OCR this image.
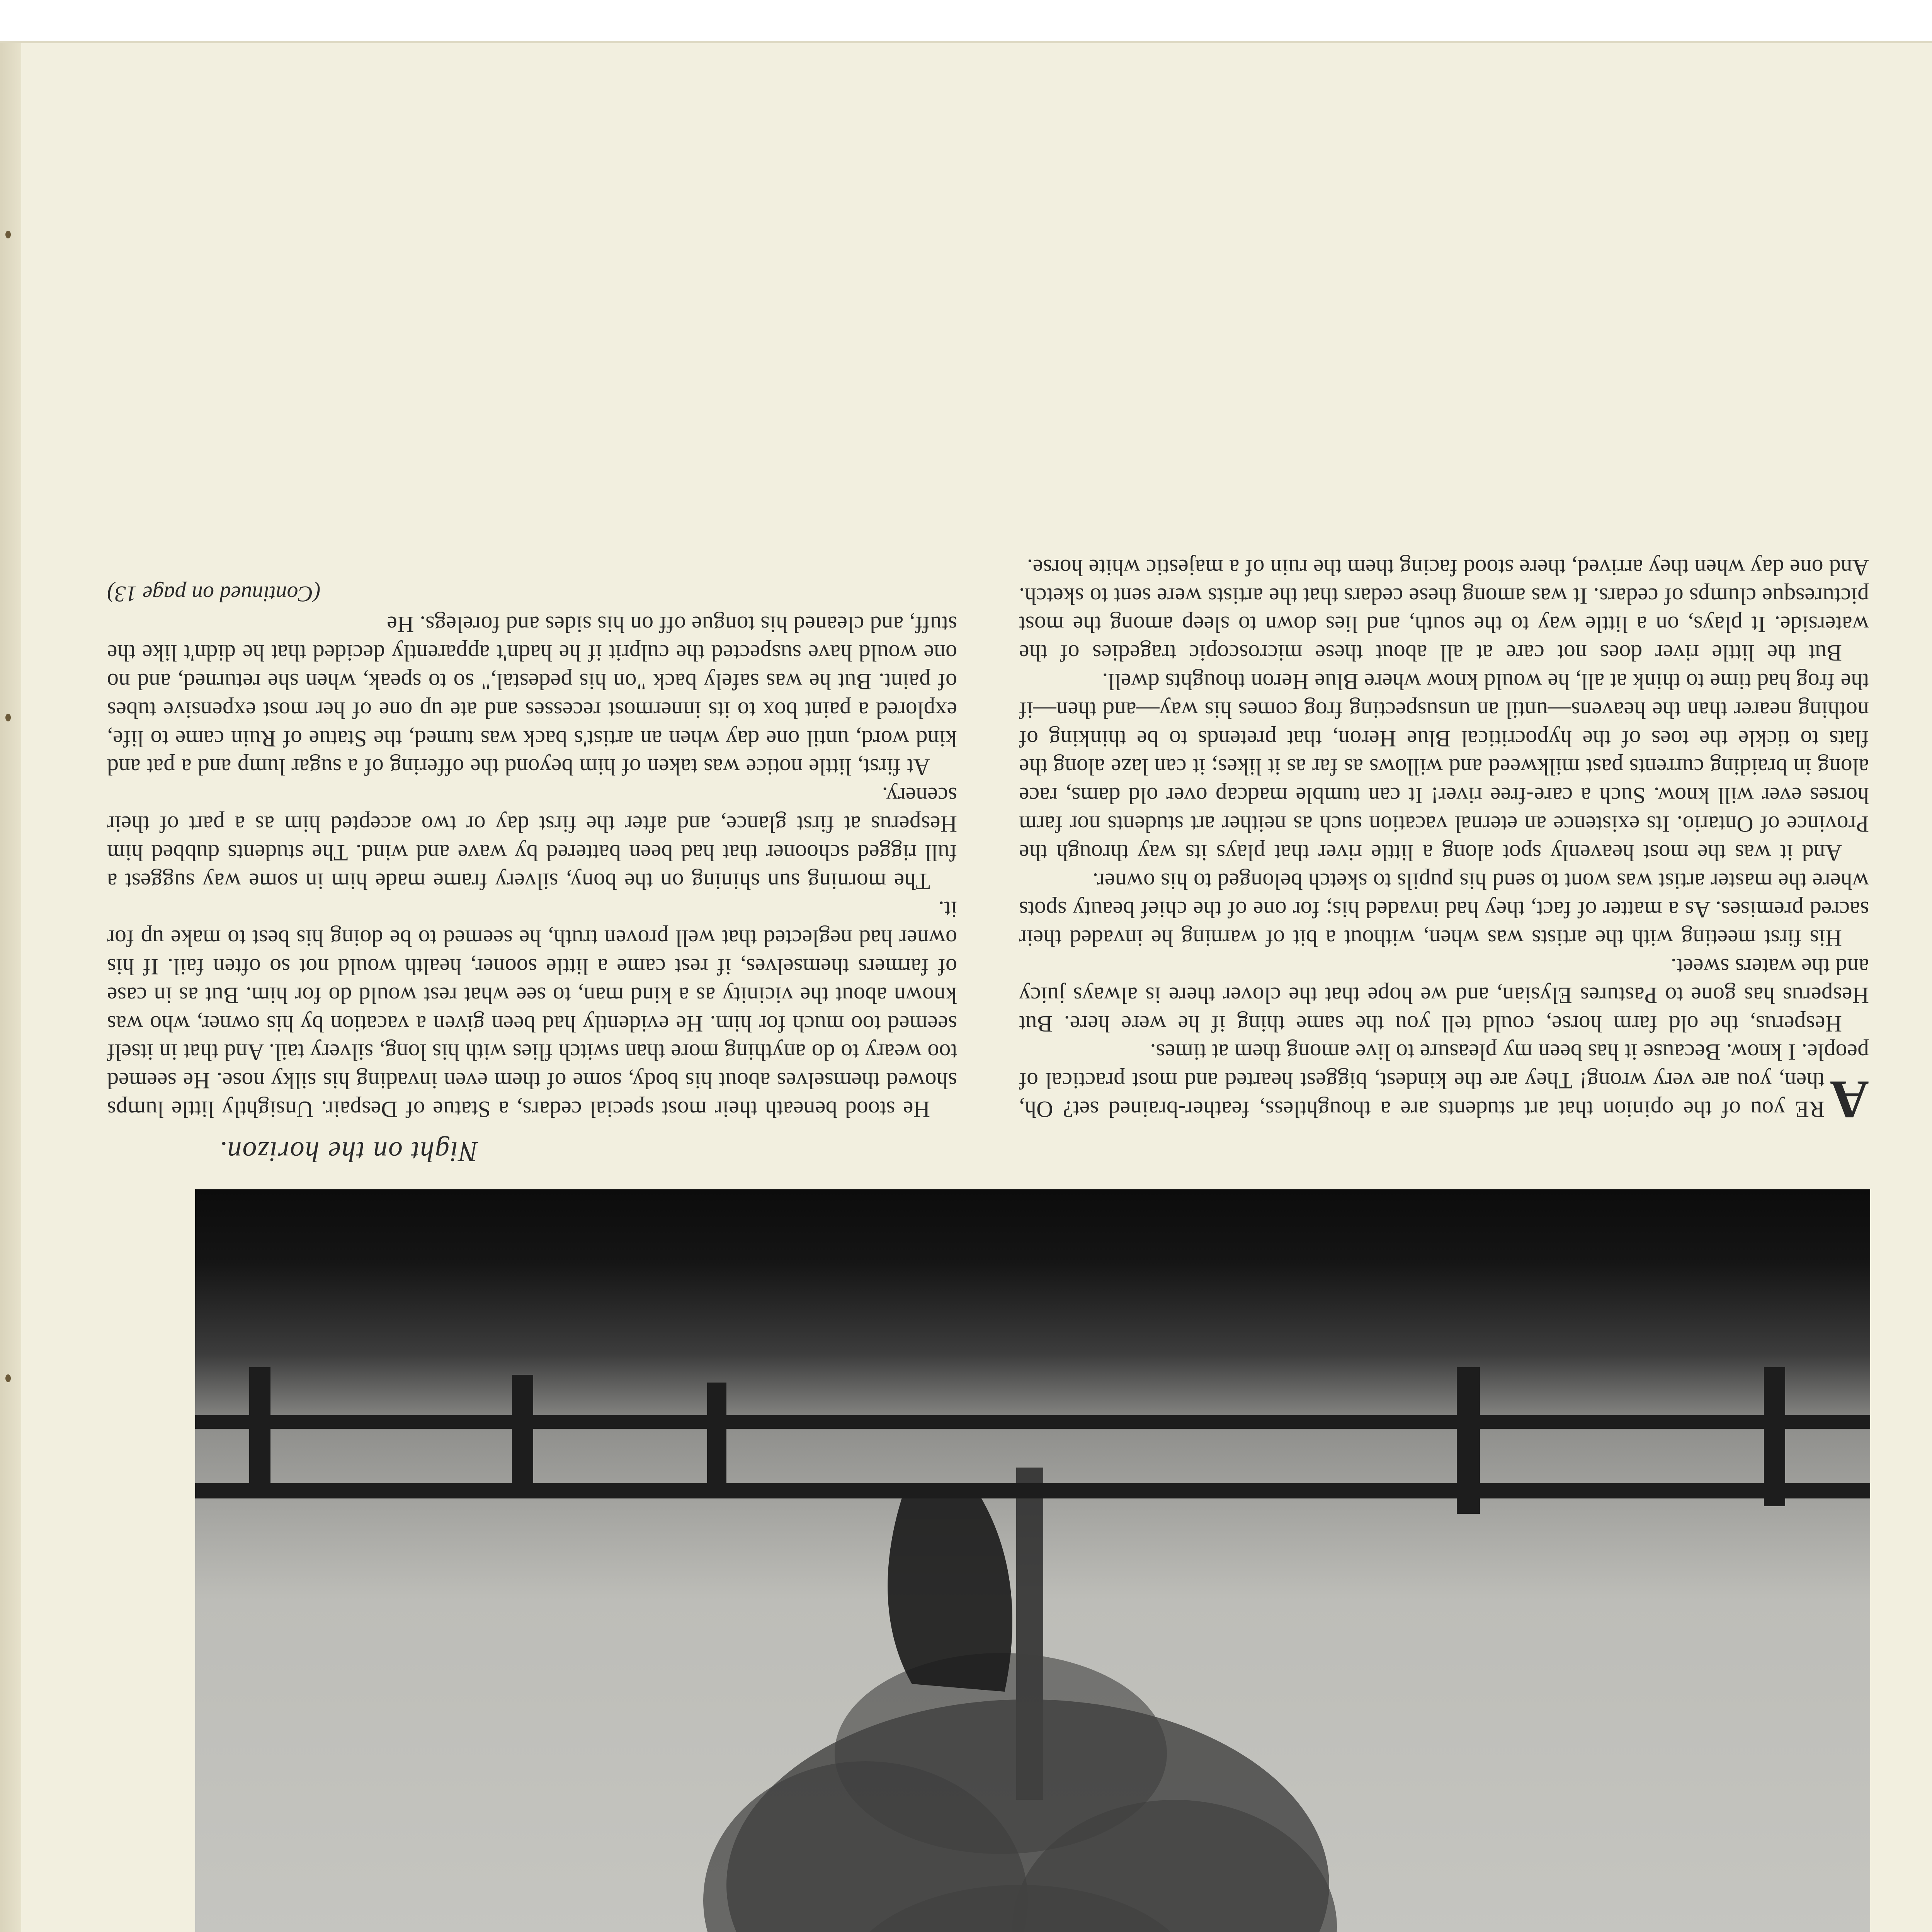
Night on the horizon.

A
RE you of the opinion that art students are a thoughtless, feather-brained set? Oh, then, you are very wrong! They are the kindest, biggest hearted and most practical of people. I know. Because it has been my pleasure to live among them at times.

Hesperus, the old farm horse, could tell you the same thing if he were here. But Hesperus has gone to Pastures Elysian, and we hope that the clover there is always juicy and the waters sweet.

His first meeting with the artists was when, without a bit of warning he invaded their sacred premises. As a matter of fact, they had invaded his; for one of the chief beauty spots where the master artist was wont to send his pupils to sketch belonged to his owner.

And it was the most heavenly spot along a little river that plays its way through the Province of Ontario. Its existence an eternal vacation such as neither art students nor farm horses ever will know. Such a care-free river! It can tumble madcap over old dams, race along in braiding currents past milkweed and willows as far as it likes; it can laze along the flats to tickle the toes of the hypocritical Blue Heron, that pretends to be thinking of nothing nearer than the heavens—until an unsuspecting frog comes his way—and then—if the frog had time to think at all, he would know where Blue Heron thoughts dwell.

But the little river does not care at all about these microscopic tragedies of the waterside. It plays, on a little way to the south, and lies down to sleep among the most picturesque clumps of cedars. It was among these cedars that the artists were sent to sketch. And one day when they arrived, there stood facing them the ruin of a majestic white horse.

He stood beneath their most special cedars, a Statue of Despair. Unsightly little lumps showed themselves about his body, some of them even invading his silky nose. He seemed too weary to do anything more than switch flies with his long, silvery tail. And that in itself seemed too much for him. He evidently had been given a vacation by his owner, who was known about the vicinity as a kind man, to see what rest would do for him. But as in case of farmers themselves, if rest came a little sooner, health would not so often fail. If his owner had neglected that well proven truth, he seemed to be doing his best to make up for it.

The morning sun shining on the bony, silvery frame made him in some way suggest a full rigged schooner that had been battered by wave and wind. The students dubbed him Hesperus at first glance, and after the first day or two accepted him as a part of their scenery.

At first, little notice was taken of him beyond the offering of a sugar lump and a pat and kind word, until one day when an artist's back was turned, the Statue of Ruin came to life, explored a paint box to its innermost recesses and ate up one of her most expensive tubes of paint. But he was safely back "on his pedestal," so to speak, when she returned, and no one would have suspected the culprit if he hadn't apparently decided that he didn't like the stuff, and cleaned his tongue off on his sides and forelegs. He

(Continued on page 13)
